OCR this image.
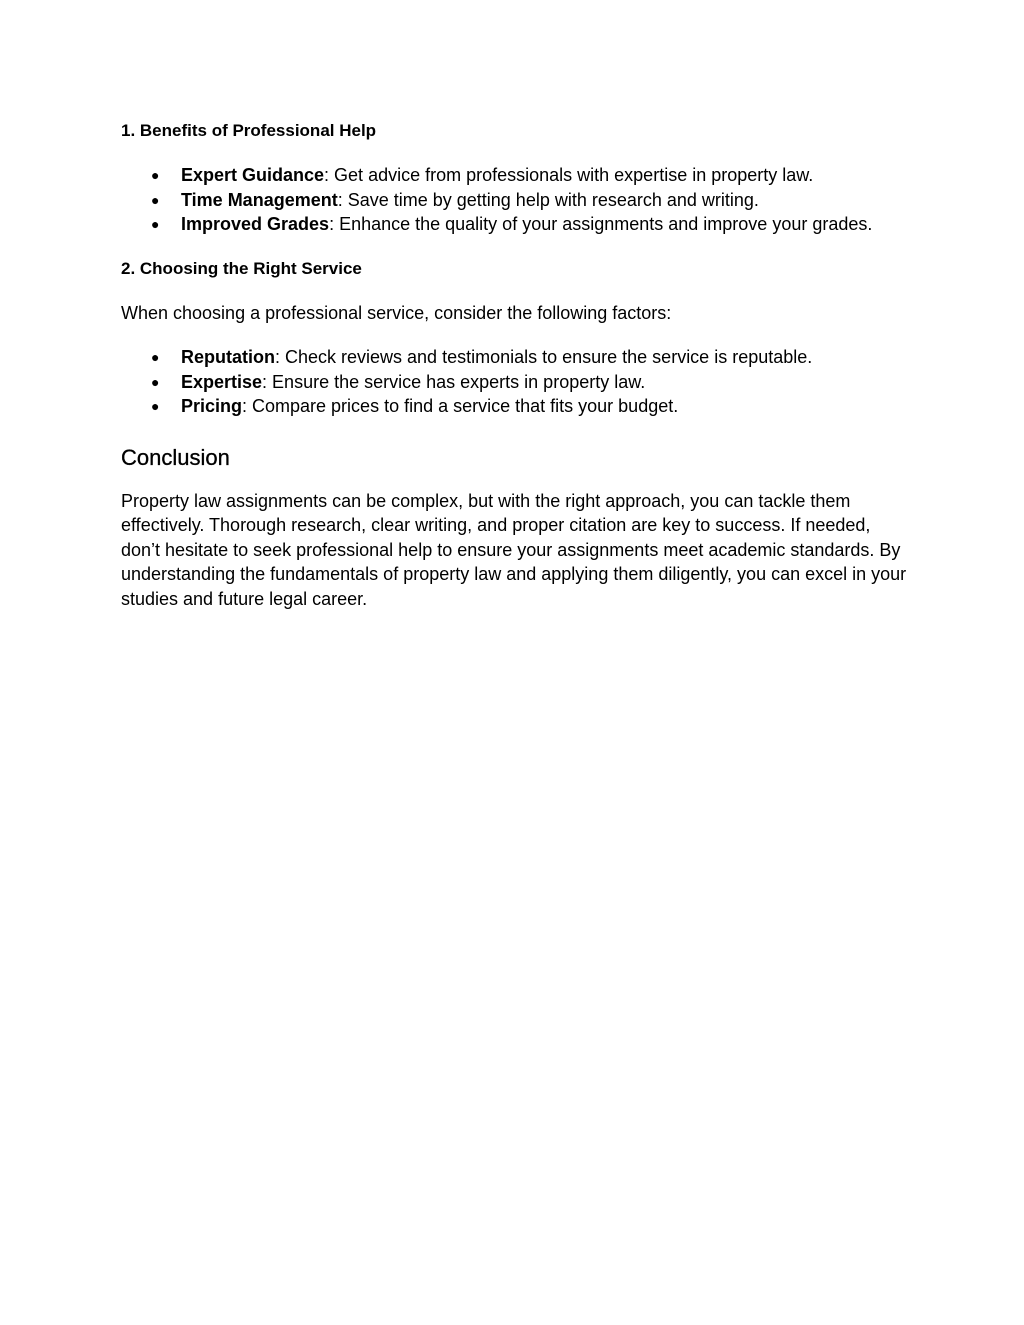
1. Benefits of Professional Help
● Expert Guidance: Get advice from professionals with expertise in property law.
● Time Management: Save time by getting help with research and writing.
● Improved Grades: Enhance the quality of your assignments and improve your grades.
2. Choosing the Right Service

When choosing a professional service, consider the following factors:

● Reputation: Check reviews and testimonials to ensure the service is reputable.
● Expertise: Ensure the service has experts in property law.
● Pricing: Compare prices to find a service that fits your budget.
Conclusion

Property law assignments can be complex, but with the right approach, you can tackle them effectively. Thorough research, clear writing, and proper citation are key to success. If needed, don’t hesitate to seek professional help to ensure your assignments meet academic standards. By understanding the fundamentals of property law and applying them diligently, you can excel in your studies and future legal career.
